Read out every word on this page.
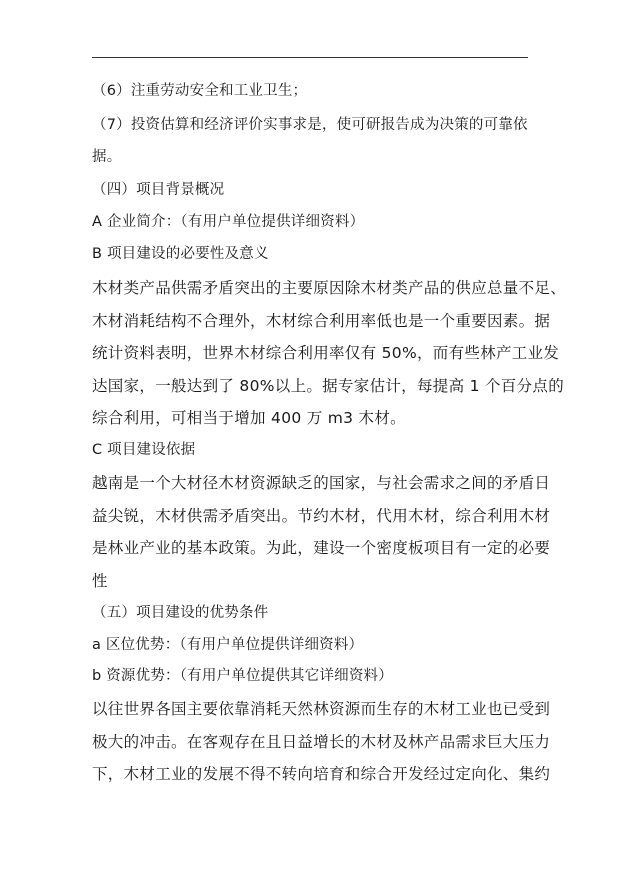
（6）注重劳动安全和工业卫生；
（7）投资估算和经济评价实事求是，使可研报告成为决策的可靠依
据。
（四）项目背景概况
A 企业简介：（有用户单位提供详细资料）
B 项目建设的必要性及意义
木材类产品供需矛盾突出的主要原因除木材类产品的供应总量不足、
木材消耗结构不合理外，木材综合利用率低也是一个重要因素。据
统计资料表明，世界木材综合利用率仅有 50%，而有些林产工业发
达国家，一般达到了 80%以上。据专家估计，每提高 1 个百分点的
综合利用，可相当于增加 400 万 m3 木材。
C 项目建设依据
越南是一个大材径木材资源缺乏的国家，与社会需求之间的矛盾日
益尖锐，木材供需矛盾突出。节约木材，代用木材，综合利用木材
是林业产业的基本政策。为此，建设一个密度板项目有一定的必要
性
（五）项目建设的优势条件
a 区位优势：（有用户单位提供详细资料）
b 资源优势：（有用户单位提供其它详细资料）
以往世界各国主要依靠消耗天然林资源而生存的木材工业也已受到
极大的冲击。在客观存在且日益增长的木材及林产品需求巨大压力
下，木材工业的发展不得不转向培育和综合开发经过定向化、集约
